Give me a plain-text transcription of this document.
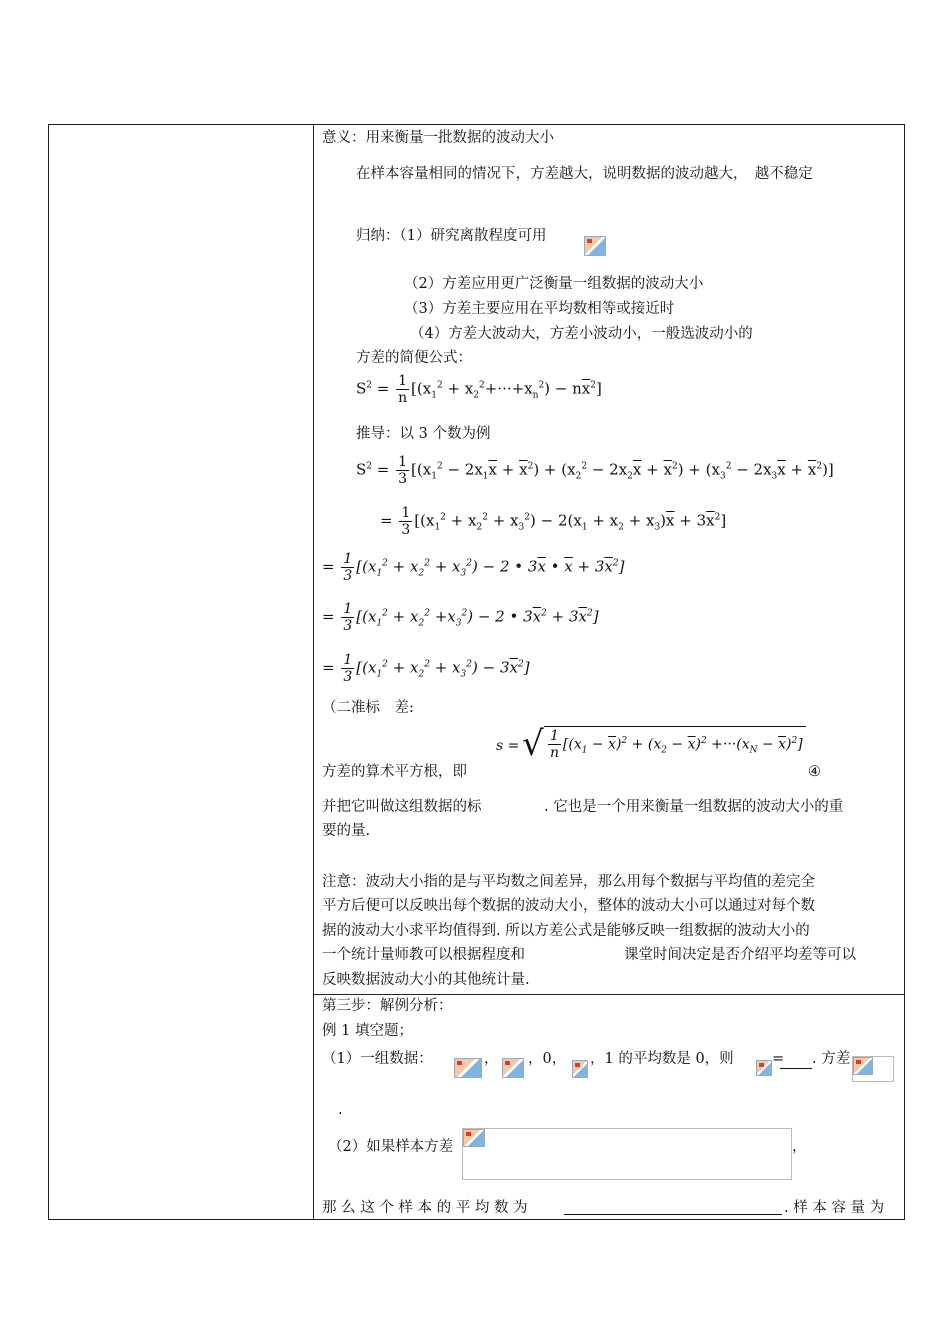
意义：用来衡量一批数据的波动大小
在样本容量相同的情况下，方差越大，说明数据的波动越大，　越不稳定
归纳：（1）研究离散程度可用
（2）方差应用更广泛衡量一组数据的波动大小
（3）方差主要应用在平均数相等或接近时
（4）方差大波动大，方差小波动小，一般选波动小的
方差的简便公式：
$S^2 = \frac{1}{n} [(x_1^2 + x_2^2+\cdot\cdot\cdot+x_n^2) - n\overline{x}^2]$
推导：以 3 个数为例
$S^2 = \frac{1}{3} [(x_1^2 - 2x_1\overline{x} + \overline{x}^2) + (x_2^2 - 2x_2\overline{x} + \overline{x}^2) + (x_3^2 - 2x_3\overline{x} + \overline{x}^2)]$
= $\frac{1}{3} [(x_1^2 + x_2^2 + x_3^2) - 2(x_1 + x_2 + x_3)\overline{x} + 3\overline{x}^2]$
= $\frac{1}{3} [(x_1^2 + x_2^2 + x_3^2) - 2$ • $3\overline{x}$ • $\overline{x} + 3\overline{x}^2$]
= $\frac{1}{3} [(x_1^2 + x_2^2 +x_3^2) - 2$ • $3\overline{x}^2 + 3\overline{x}^2$]
= $\frac{1}{3} [(x_1^2 + x_2^2 + x_3^2) - 3\overline{x}^2]$
（二准标　差:
s = √ $\frac{1}{n} [(x_1 - \overline{x})^2 + (x_2 - \overline{x})^2 +\cdot\cdot\cdot(x_N - \overline{x})^2]$
方差的算术平方根，即	④
并把它叫做这组数据的标	. 它也是一个用来衡量一组数据的波动大小的重
要的量.
注意：波动大小指的是与平均数之间差异，那么用每个数据与平均值的差完全
平方后便可以反映出每个数据的波动大小，整体的波动大小可以通过对每个数
据的波动大小求平均值得到. 所以方差公式是能够反映一组数据的波动大小的
一个统计量师教可以根据程度和	课堂时间决定是否介绍平均差等可以
反映数据波动大小的其他统计量.
第三步：解例分析：
例 1 填空题；
（1）一组数据：	， ，0， ，1 的平均数是 0，则	= . 方差
.
（2）如果样本方差	，
那 么 这 个 样 本 的 平 均 数 为	. 样 本 容 量 为
